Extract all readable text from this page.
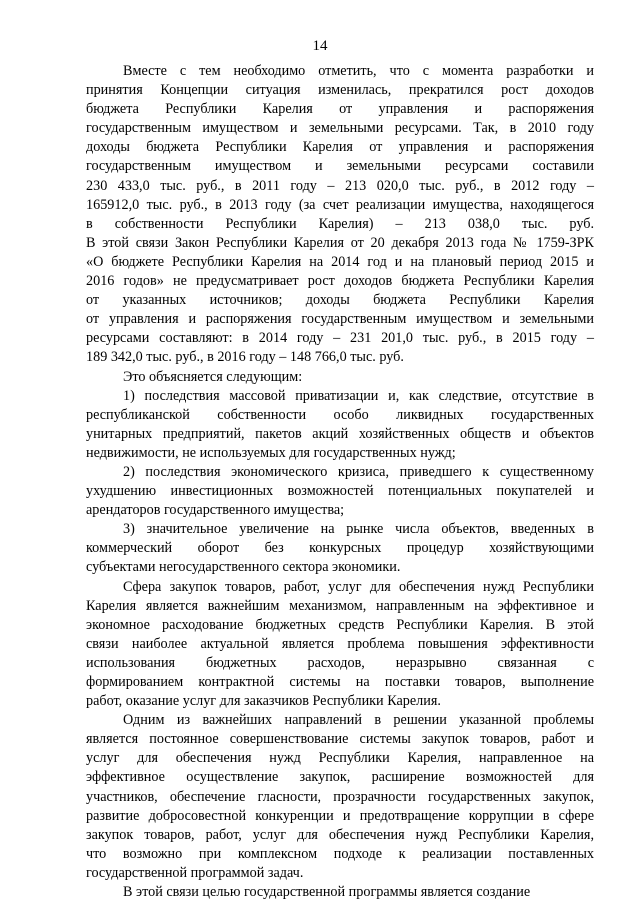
14
Вместе с тем необходимо отметить, что с момента разработки и
принятия Концепции ситуация изменилась, прекратился рост доходов
бюджета Республики Карелия от управления и распоряжения
государственным имуществом и земельными ресурсами. Так, в 2010 году
доходы бюджета Республики Карелия от управления и распоряжения
государственным имуществом и земельными ресурсами составили
230 433,0 тыс. руб., в 2011 году – 213 020,0 тыс. руб., в 2012 году –
165912,0 тыс. руб., в 2013 году (за счет реализации имущества, находящегося
в собственности Республики Карелия) – 213 038,0 тыс. руб.
В этой связи Закон Республики Карелия от 20 декабря 2013 года № 1759-ЗРК
«О бюджете Республики Карелия на 2014 год и на плановый период 2015 и
2016 годов» не предусматривает рост доходов бюджета Республики Карелия
от указанных источников; доходы бюджета Республики Карелия
от управления и распоряжения государственным имуществом и земельными
ресурсами составляют: в 2014 году – 231 201,0 тыс. руб., в 2015 году –
189 342,0 тыс. руб., в 2016 году – 148 766,0 тыс. руб.
Это объясняется следующим:
1) последствия массовой приватизации и, как следствие, отсутствие в
республиканской собственности особо ликвидных государственных
унитарных предприятий, пакетов акций хозяйственных обществ и объектов
недвижимости, не используемых для государственных нужд;
2) последствия экономического кризиса, приведшего к существенному
ухудшению инвестиционных возможностей потенциальных покупателей и
арендаторов государственного имущества;
3) значительное увеличение на рынке числа объектов, введенных в
коммерческий оборот без конкурсных процедур хозяйствующими
субъектами негосударственного сектора экономики.
Сфера закупок товаров, работ, услуг для обеспечения нужд Республики
Карелия является важнейшим механизмом, направленным на эффективное и
экономное расходование бюджетных средств Республики Карелия. В этой
связи наиболее актуальной является проблема повышения эффективности
использования бюджетных расходов, неразрывно связанная с
формированием контрактной системы на поставки товаров, выполнение
работ, оказание услуг для заказчиков Республики Карелия.
Одним из важнейших направлений в решении указанной проблемы
является постоянное совершенствование системы закупок товаров, работ и
услуг для обеспечения нужд Республики Карелия, направленное на
эффективное осуществление закупок, расширение возможностей для
участников, обеспечение гласности, прозрачности государственных закупок,
развитие добросовестной конкуренции и предотвращение коррупции в сфере
закупок товаров, работ, услуг для обеспечения нужд Республики Карелия,
что возможно при комплексном подходе к реализации поставленных
государственной программой задач.
В этой связи целью государственной программы является создание
